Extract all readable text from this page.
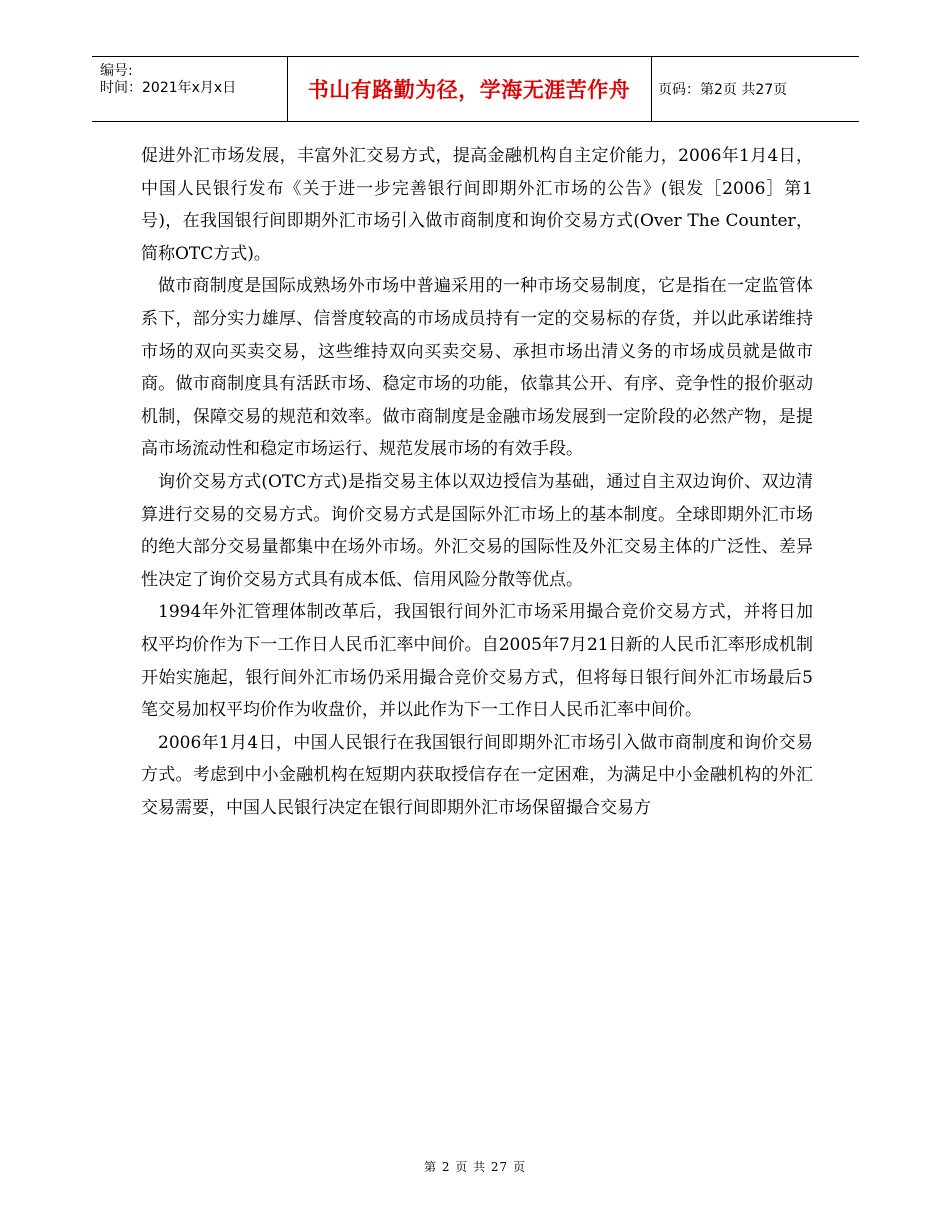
编号:
时间：2021年x月x日	书山有路勤为径，学海无涯苦作舟	页码：第2页 共27页

促进外汇市场发展，丰富外汇交易方式，提高金融机构自主定价能力，2006年1月4日，中国人民银行发布《关于进一步完善银行间即期外汇市场的公告》(银发［2006］第1号)，在我国银行间即期外汇市场引入做市商制度和询价交易方式(Over The Counter，简称OTC方式)。

做市商制度是国际成熟场外市场中普遍采用的一种市场交易制度，它是指在一定监管体系下，部分实力雄厚、信誉度较高的市场成员持有一定的交易标的存货，并以此承诺维持市场的双向买卖交易，这些维持双向买卖交易、承担市场出清义务的市场成员就是做市商。做市商制度具有活跃市场、稳定市场的功能，依靠其公开、有序、竞争性的报价驱动机制，保障交易的规范和效率。做市商制度是金融市场发展到一定阶段的必然产物，是提高市场流动性和稳定市场运行、规范发展市场的有效手段。

询价交易方式(OTC方式)是指交易主体以双边授信为基础，通过自主双边询价、双边清算进行交易的交易方式。询价交易方式是国际外汇市场上的基本制度。全球即期外汇市场的绝大部分交易量都集中在场外市场。外汇交易的国际性及外汇交易主体的广泛性、差异性决定了询价交易方式具有成本低、信用风险分散等优点。

1994年外汇管理体制改革后，我国银行间外汇市场采用撮合竞价交易方式，并将日加权平均价作为下一工作日人民币汇率中间价。自2005年7月21日新的人民币汇率形成机制开始实施起，银行间外汇市场仍采用撮合竞价交易方式，但将每日银行间外汇市场最后5笔交易加权平均价作为收盘价，并以此作为下一工作日人民币汇率中间价。

2006年1月4日，中国人民银行在我国银行间即期外汇市场引入做市商制度和询价交易方式。考虑到中小金融机构在短期内获取授信存在一定困难，为满足中小金融机构的外汇交易需要，中国人民银行决定在银行间即期外汇市场保留撮合交易方

第 2 页 共 27 页
